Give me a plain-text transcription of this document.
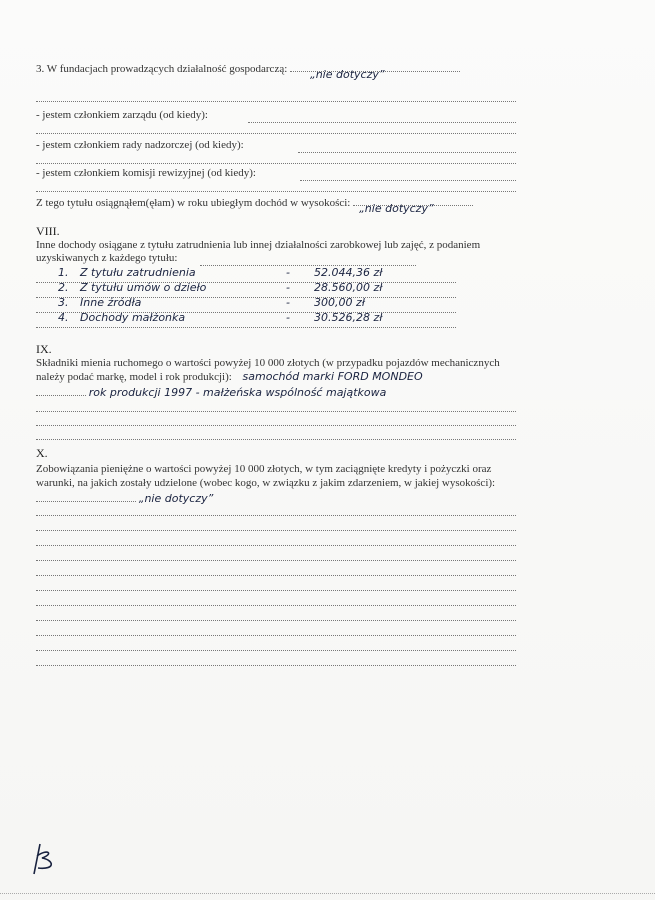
3. W fundacjach prowadzących działalność gospodarczą: „nie dotyczy”
- jestem członkiem zarządu (od kiedy):
- jestem członkiem rady nadzorczej (od kiedy):
- jestem członkiem komisji rewizyjnej (od kiedy):
Z tego tytułu osiągnąłem(ęłam) w roku ubiegłym dochód w wysokości: „nie dotyczy”
VIII.
Inne dochody osiągane z tytułu zatrudnienia lub innej działalności zarobkowej lub zajęć, z podaniem
uzyskiwanych z każdego tytułu:
1. Z tytułu zatrudnienia	- 52.044,36 zł
2. Z tytułu umów o dzieło	- 28.560,00 zł
3. Inne źródła	- 300,00 zł
4. Dochody małżonka	- 30.526,28 zł
IX.
Składniki mienia ruchomego o wartości powyżej 10 000 złotych (w przypadku pojazdów mechanicznych
należy podać markę, model i rok produkcji): samochód marki FORD MONDEO
rok produkcji 1997 - małżeńska wspólność majątkowa
X.
Zobowiązania pieniężne o wartości powyżej 10 000 złotych, w tym zaciągnięte kredyty i pożyczki oraz
warunki, na jakich zostały udzielone (wobec kogo, w związku z jakim zdarzeniem, w jakiej wysokości):
„nie dotyczy”
